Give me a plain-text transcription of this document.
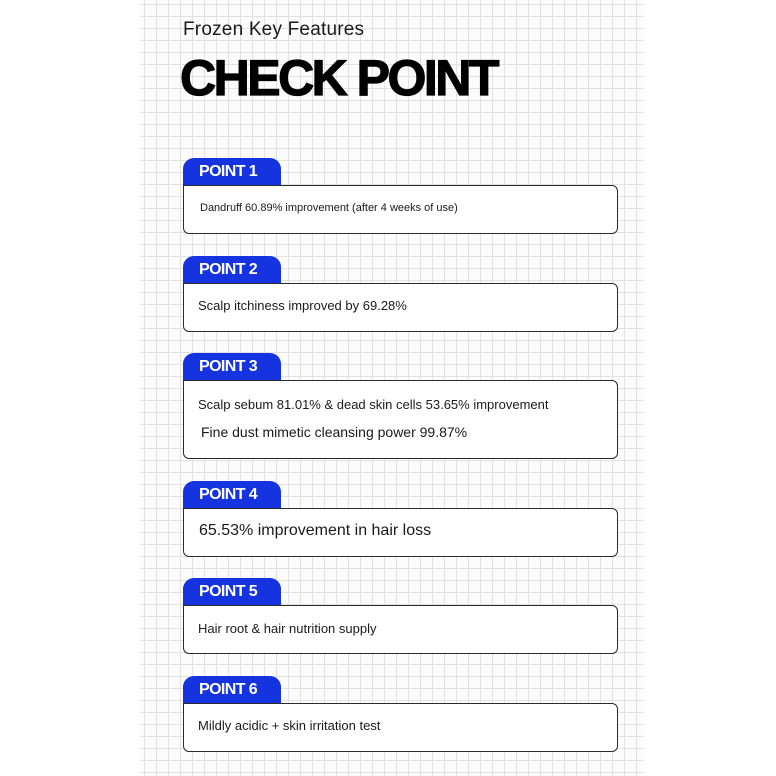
Frozen Key Features
CHECK POINT
POINT 1
Dandruff 60.89% improvement (after 4 weeks of use)
POINT 2
Scalp itchiness improved by 69.28%
POINT 3
Scalp sebum 81.01% & dead skin cells 53.65% improvement
Fine dust mimetic cleansing power 99.87%
POINT 4
65.53% improvement in hair loss
POINT 5
Hair root & hair nutrition supply
POINT 6
Mildly acidic + skin irritation test
